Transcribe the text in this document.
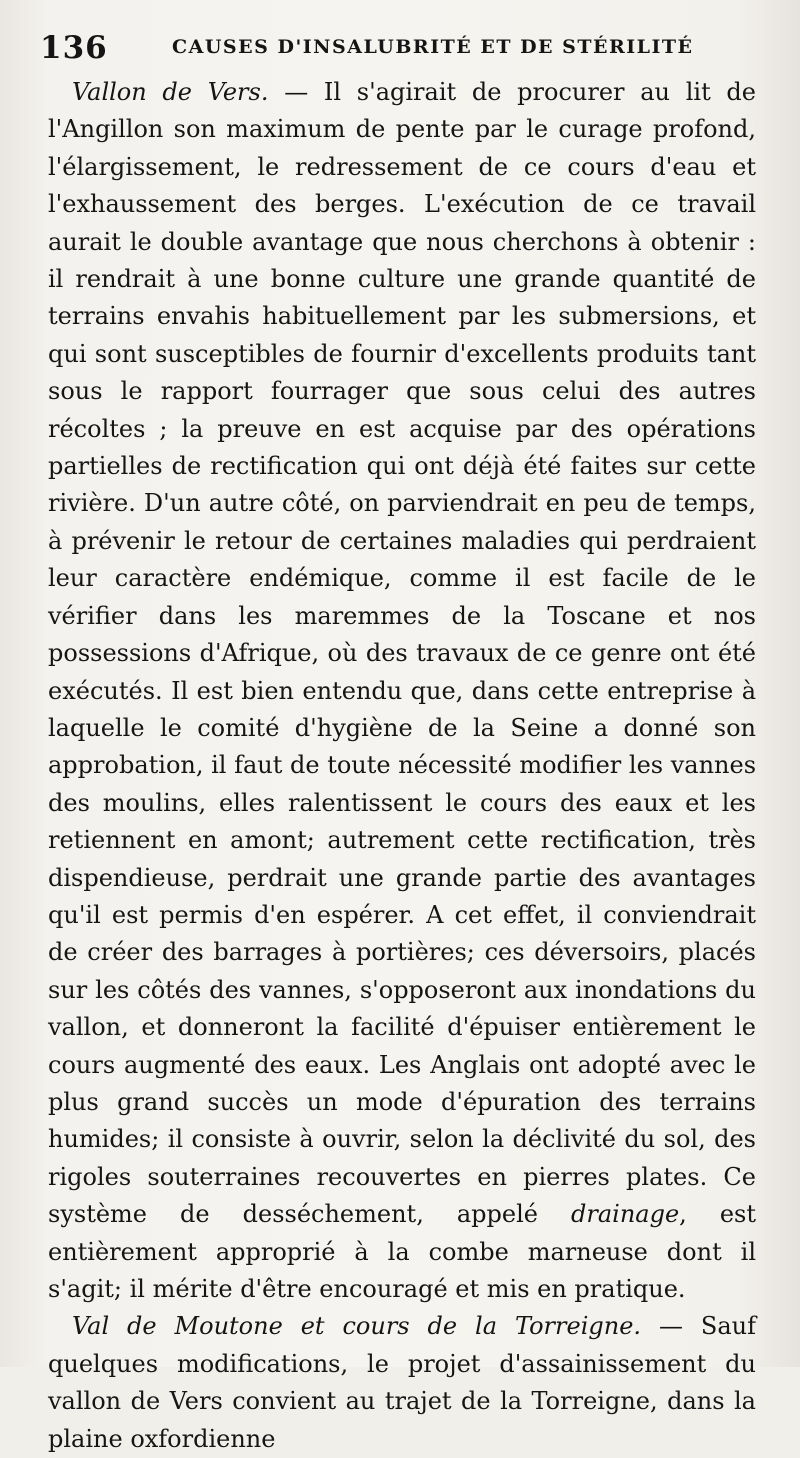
136	CAUSES D'INSALUBRITÉ ET DE STÉRILITÉ

Vallon de Vers. — Il s'agirait de procurer au lit de l'Angillon son maximum de pente par le curage profond, l'élargissement, le redressement de ce cours d'eau et l'exhaussement des berges. L'exécution de ce travail aurait le double avantage que nous cherchons à obtenir : il rendrait à une bonne culture une grande quantité de terrains envahis habituellement par les submersions, et qui sont susceptibles de fournir d'excellents produits tant sous le rapport fourrager que sous celui des autres récoltes ; la preuve en est acquise par des opérations partielles de rectification qui ont déjà été faites sur cette rivière. D'un autre côté, on parviendrait en peu de temps, à prévenir le retour de certaines maladies qui perdraient leur caractère endémique, comme il est facile de le vérifier dans les maremmes de la Toscane et nos possessions d'Afrique, où des travaux de ce genre ont été exécutés. Il est bien entendu que, dans cette entreprise à laquelle le comité d'hygiène de la Seine a donné son approbation, il faut de toute nécessité modifier les vannes des moulins, elles ralentissent le cours des eaux et les retiennent en amont; autrement cette rectification, très dispendieuse, perdrait une grande partie des avantages qu'il est permis d'en espérer. A cet effet, il conviendrait de créer des barrages à portières; ces déversoirs, placés sur les côtés des vannes, s'opposeront aux inondations du vallon, et donneront la facilité d'épuiser entièrement le cours augmenté des eaux. Les Anglais ont adopté avec le plus grand succès un mode d'épuration des terrains humides; il consiste à ouvrir, selon la déclivité du sol, des rigoles souterraines recouvertes en pierres plates. Ce système de desséchement, appelé drainage, est entièrement approprié à la combe marneuse dont il s'agit; il mérite d'être encouragé et mis en pratique.

Val de Moutone et cours de la Torreigne. — Sauf quelques modifications, le projet d'assainissement du vallon de Vers convient au trajet de la Torreigne, dans la plaine oxfordienne
